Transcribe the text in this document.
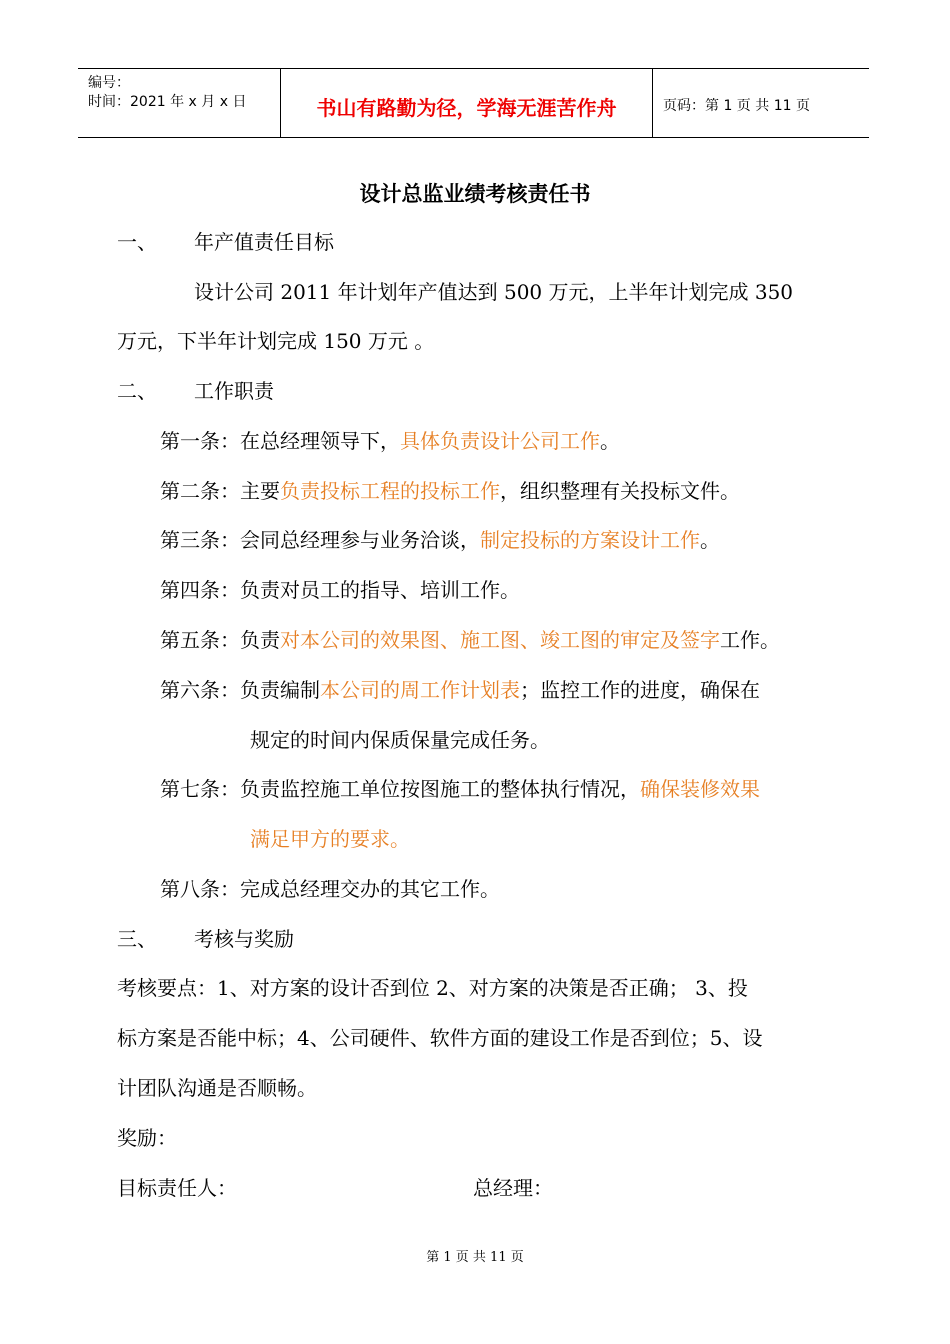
编号：
时间：2021 年 x 月 x 日	书山有路勤为径，学海无涯苦作舟	页码：第 1 页 共 11 页
设计总监业绩考核责任书
一、 年产值责任目标
设计公司 2011 年计划年产值达到 500 万元，上半年计划完成 350
万元，下半年计划完成 150 万元 。
二、 工作职责
第一条：在总经理领导下，具体负责设计公司工作。
第二条：主要负责投标工程的投标工作，组织整理有关投标文件。
第三条：会同总经理参与业务洽谈，制定投标的方案设计工作。
第四条：负责对员工的指导、培训工作。
第五条：负责对本公司的效果图、施工图、竣工图的审定及签字工作。
第六条：负责编制本公司的周工作计划表；监控工作的进度，确保在
规定的时间内保质保量完成任务。
第七条：负责监控施工单位按图施工的整体执行情况，确保装修效果
满足甲方的要求。
第八条：完成总经理交办的其它工作。
三、 考核与奖励
考核要点：1、对方案的设计否到位 2、对方案的决策是否正确； 3、投
标方案是否能中标；4、公司硬件、软件方面的建设工作是否到位；5、设
计团队沟通是否顺畅。
奖励：
目标责任人：	总经理：
第 1 页 共 11 页
